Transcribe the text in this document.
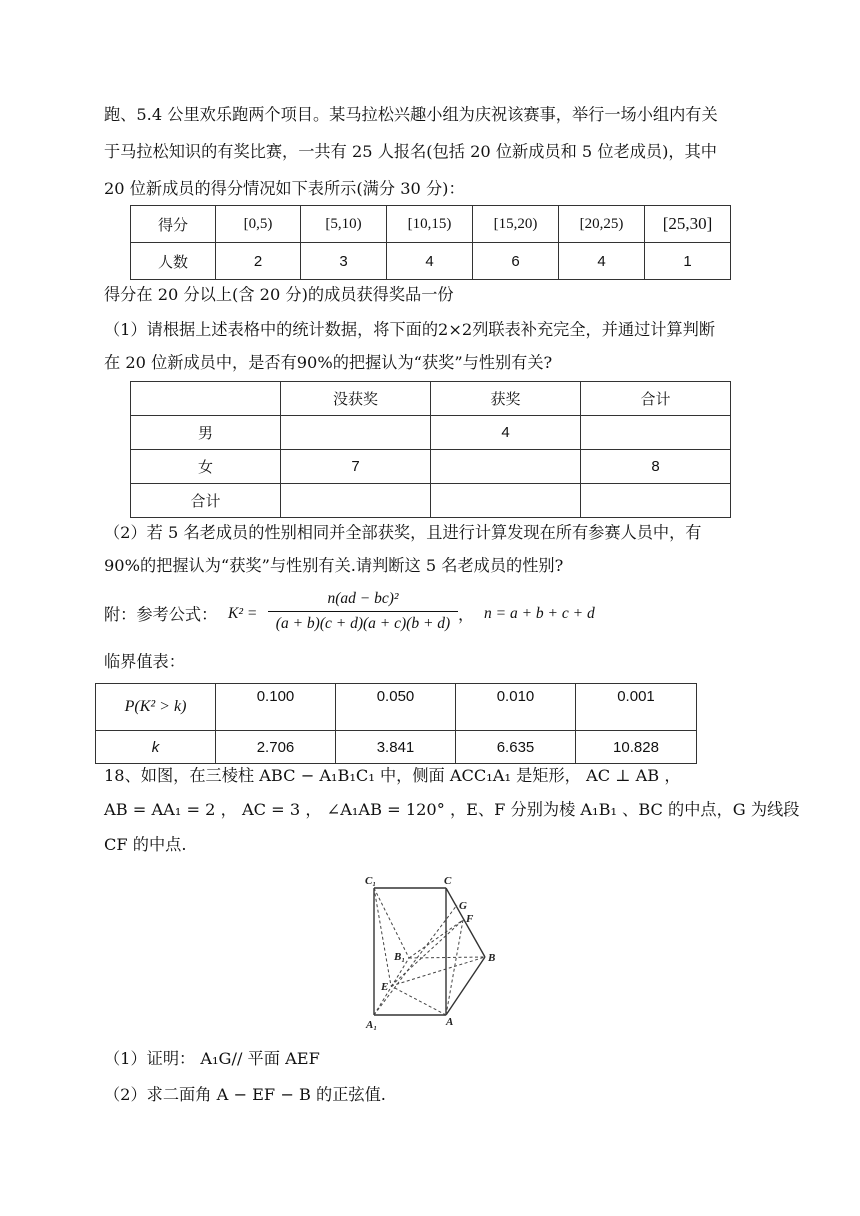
跑、5.4 公里欢乐跑两个项目。某马拉松兴趣小组为庆祝该赛事，举行一场小组内有关
于马拉松知识的有奖比赛，一共有 25 人报名(包括 20 位新成员和 5 位老成员)，其中
20 位新成员的得分情况如下表所示(满分 30 分)：
得分	[0,5)	[5,10)	[10,15)	[15,20)	[20,25)	[25,30]
人数	2	3	4	6	4	1
得分在 20 分以上(含 20 分)的成员获得奖品一份
（1）请根据上述表格中的统计数据，将下面的2×2列联表补充完全，并通过计算判断
在 20 位新成员中，是否有90%的把握认为“获奖”与性别有关?
	没获奖	获奖	合计
男		4	
女	7		8
合计			
（2）若 5 名老成员的性别相同并全部获奖，且进行计算发现在所有参赛人员中，有
90%的把握认为“获奖”与性别有关.请判断这 5 名老成员的性别?
附：参考公式： $K^2 = \frac{\text{n(ad − bc)²}}{(a + b)(c + d)(a + c)(b + d)}$ ， n = a + b + c + d
临界值表：
P(K² > k)	0.100	0.050	0.010	0.001
k	2.706	3.841	6.635	10.828
18、如图，在三棱柱 ABC − A₁B₁C₁ 中，侧面 ACC₁A₁ 是矩形， AC ⊥ AB ，
AB = AA₁ = 2 ， AC = 3 ， ∠A₁AB = 120° ，E、F 分别为棱 A₁B₁ 、BC 的中点，G 为线段
CF 的中点.
C₁	C
G
F
B₁	B
E
A₁	A
（1）证明： A₁G// 平面 AEF
（2）求二面角 A − EF − B 的正弦值.
